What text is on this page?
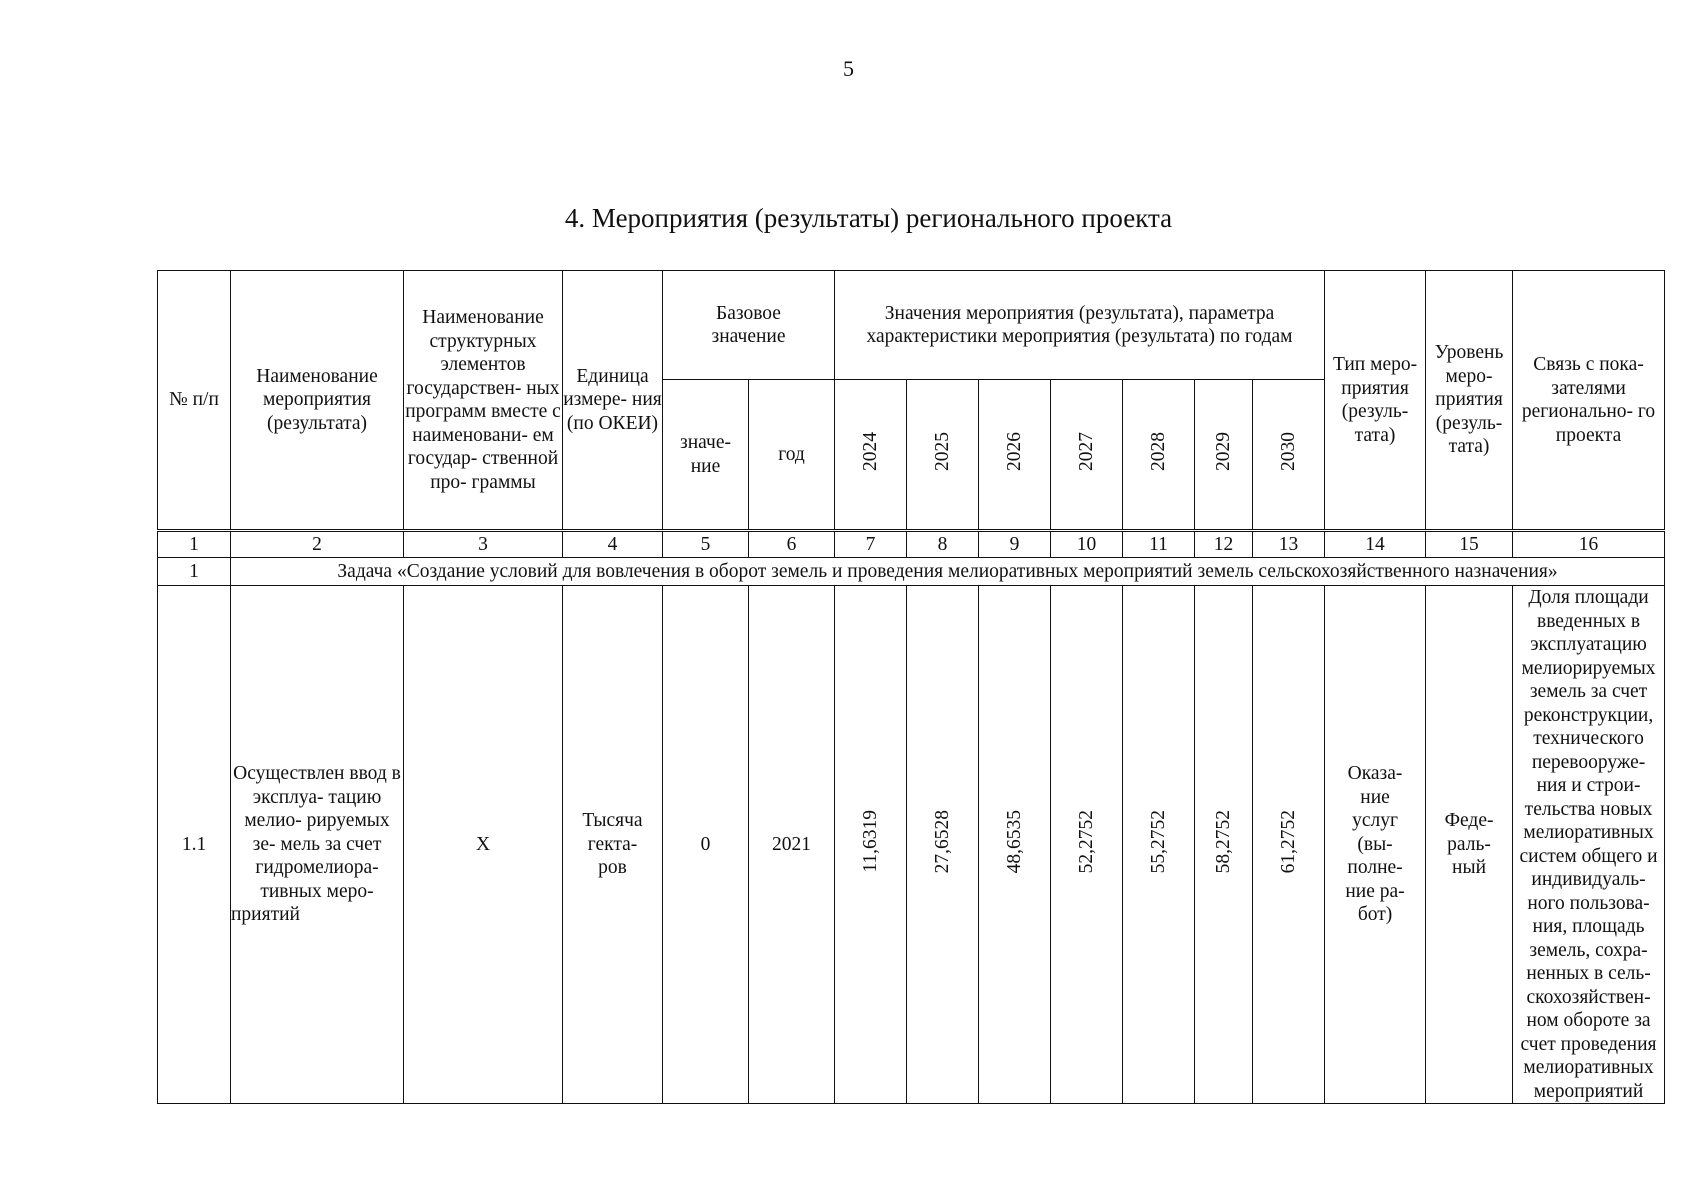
5
4. Мероприятия (результаты) регионального проекта
№ п/п	Наименование мероприятия (результата)	Наименование структурных элементов государствен- ных программ вместе с наименовани- ем государ- ственной про- граммы	Единица измере- ния (по ОКЕИ)	Базовое значение		Значения мероприятия (результата), параметра характеристики мероприятия (результата) по годам							Тип меро- приятия (резуль- тата)	Уровень меро- приятия (резуль- тата)	Связь с пока- зателями регионально- го проекта
				значе- ние	год	2024	2025	2026	2027	2028	2029	2030			
1	2	3	4	5	6	7	8	9	10	11	12	13	14	15	16
1	Задача «Создание условий для вовлечения в оборот земель и проведения мелиоративных мероприятий земель сельскохозяйственного назначения»														
1.1	Осуществлен ввод в эксплуа- тацию мелио- рируемых зе- мель за счет гидромелиора- тивных меро- приятий	Х	Тысяча гекта- ров	0	2021	11,6319	27,6528	48,6535	52,2752	55,2752	58,2752	61,2752	Оказа- ние услуг (вы- полне- ние ра- бот)	Феде- раль- ный	Доля площади введенных в эксплуатацию мелиорируемых земель за счет реконструкции, технического перевооруже- ния и строи- тельства новых мелиоративных систем общего и индивидуаль- ного пользова- ния, площадь земель, сохра- ненных в сель- скохозяйствен- ном обороте за счет проведения мелиоративных мероприятий
